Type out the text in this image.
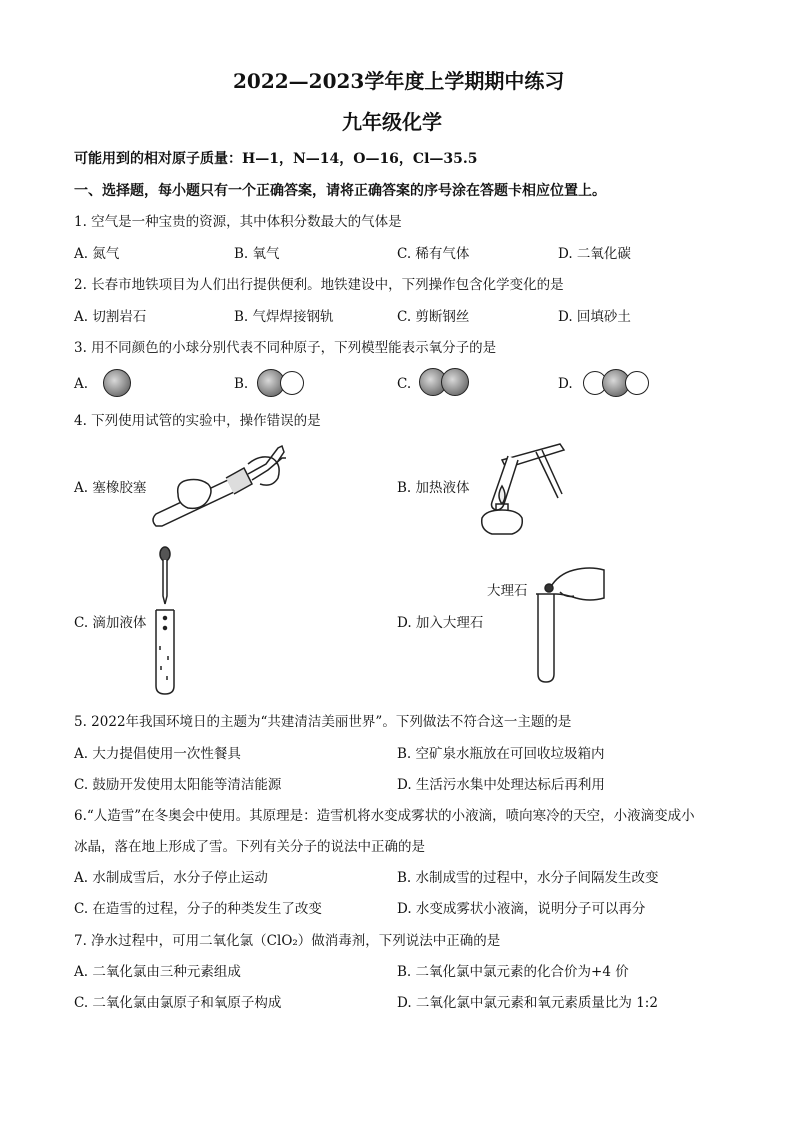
2022—2023学年度上学期期中练习
九年级化学
可能用到的相对原子质量：H—1，N—14，O—16，Cl—35.5
一、选择题，每小题只有一个正确答案，请将正确答案的序号涂在答题卡相应位置上。
1. 空气是一种宝贵的资源，其中体积分数最大的气体是
A. 氮气	B. 氧气	C. 稀有气体	D. 二氧化碳
2. 长春市地铁项目为人们出行提供便利。地铁建设中，下列操作包含化学变化的是
A. 切割岩石	B. 气焊焊接钢轨	C. 剪断钢丝	D. 回填砂土
3. 用不同颜色的小球分别代表不同种原子，下列模型能表示氧分子的是
A.	B.	C.	D.
4. 下列使用试管的实验中，操作错误的是
A. 塞橡胶塞	B. 加热液体
C. 滴加液体	D. 加入大理石
大理石
5. 2022年我国环境日的主题为“共建清洁美丽世界”。下列做法不符合这一主题的是
A. 大力提倡使用一次性餐具	B. 空矿泉水瓶放在可回收垃圾箱内
C. 鼓励开发使用太阳能等清洁能源	D. 生活污水集中处理达标后再利用
6.“人造雪”在冬奥会中使用。其原理是：造雪机将水变成雾状的小液滴，喷向寒冷的天空，小液滴变成小
冰晶，落在地上形成了雪。下列有关分子的说法中正确的是
A. 水制成雪后，水分子停止运动	B. 水制成雪的过程中，水分子间隔发生改变
C. 在造雪的过程，分子的种类发生了改变	D. 水变成雾状小液滴，说明分子可以再分
7. 净水过程中，可用二氧化氯（ClO₂）做消毒剂，下列说法中正确的是
A. 二氧化氯由三种元素组成	B. 二氧化氯中氯元素的化合价为+4 价
C. 二氧化氯由氯原子和氧原子构成	D. 二氧化氯中氯元素和氧元素质量比为 1:2
